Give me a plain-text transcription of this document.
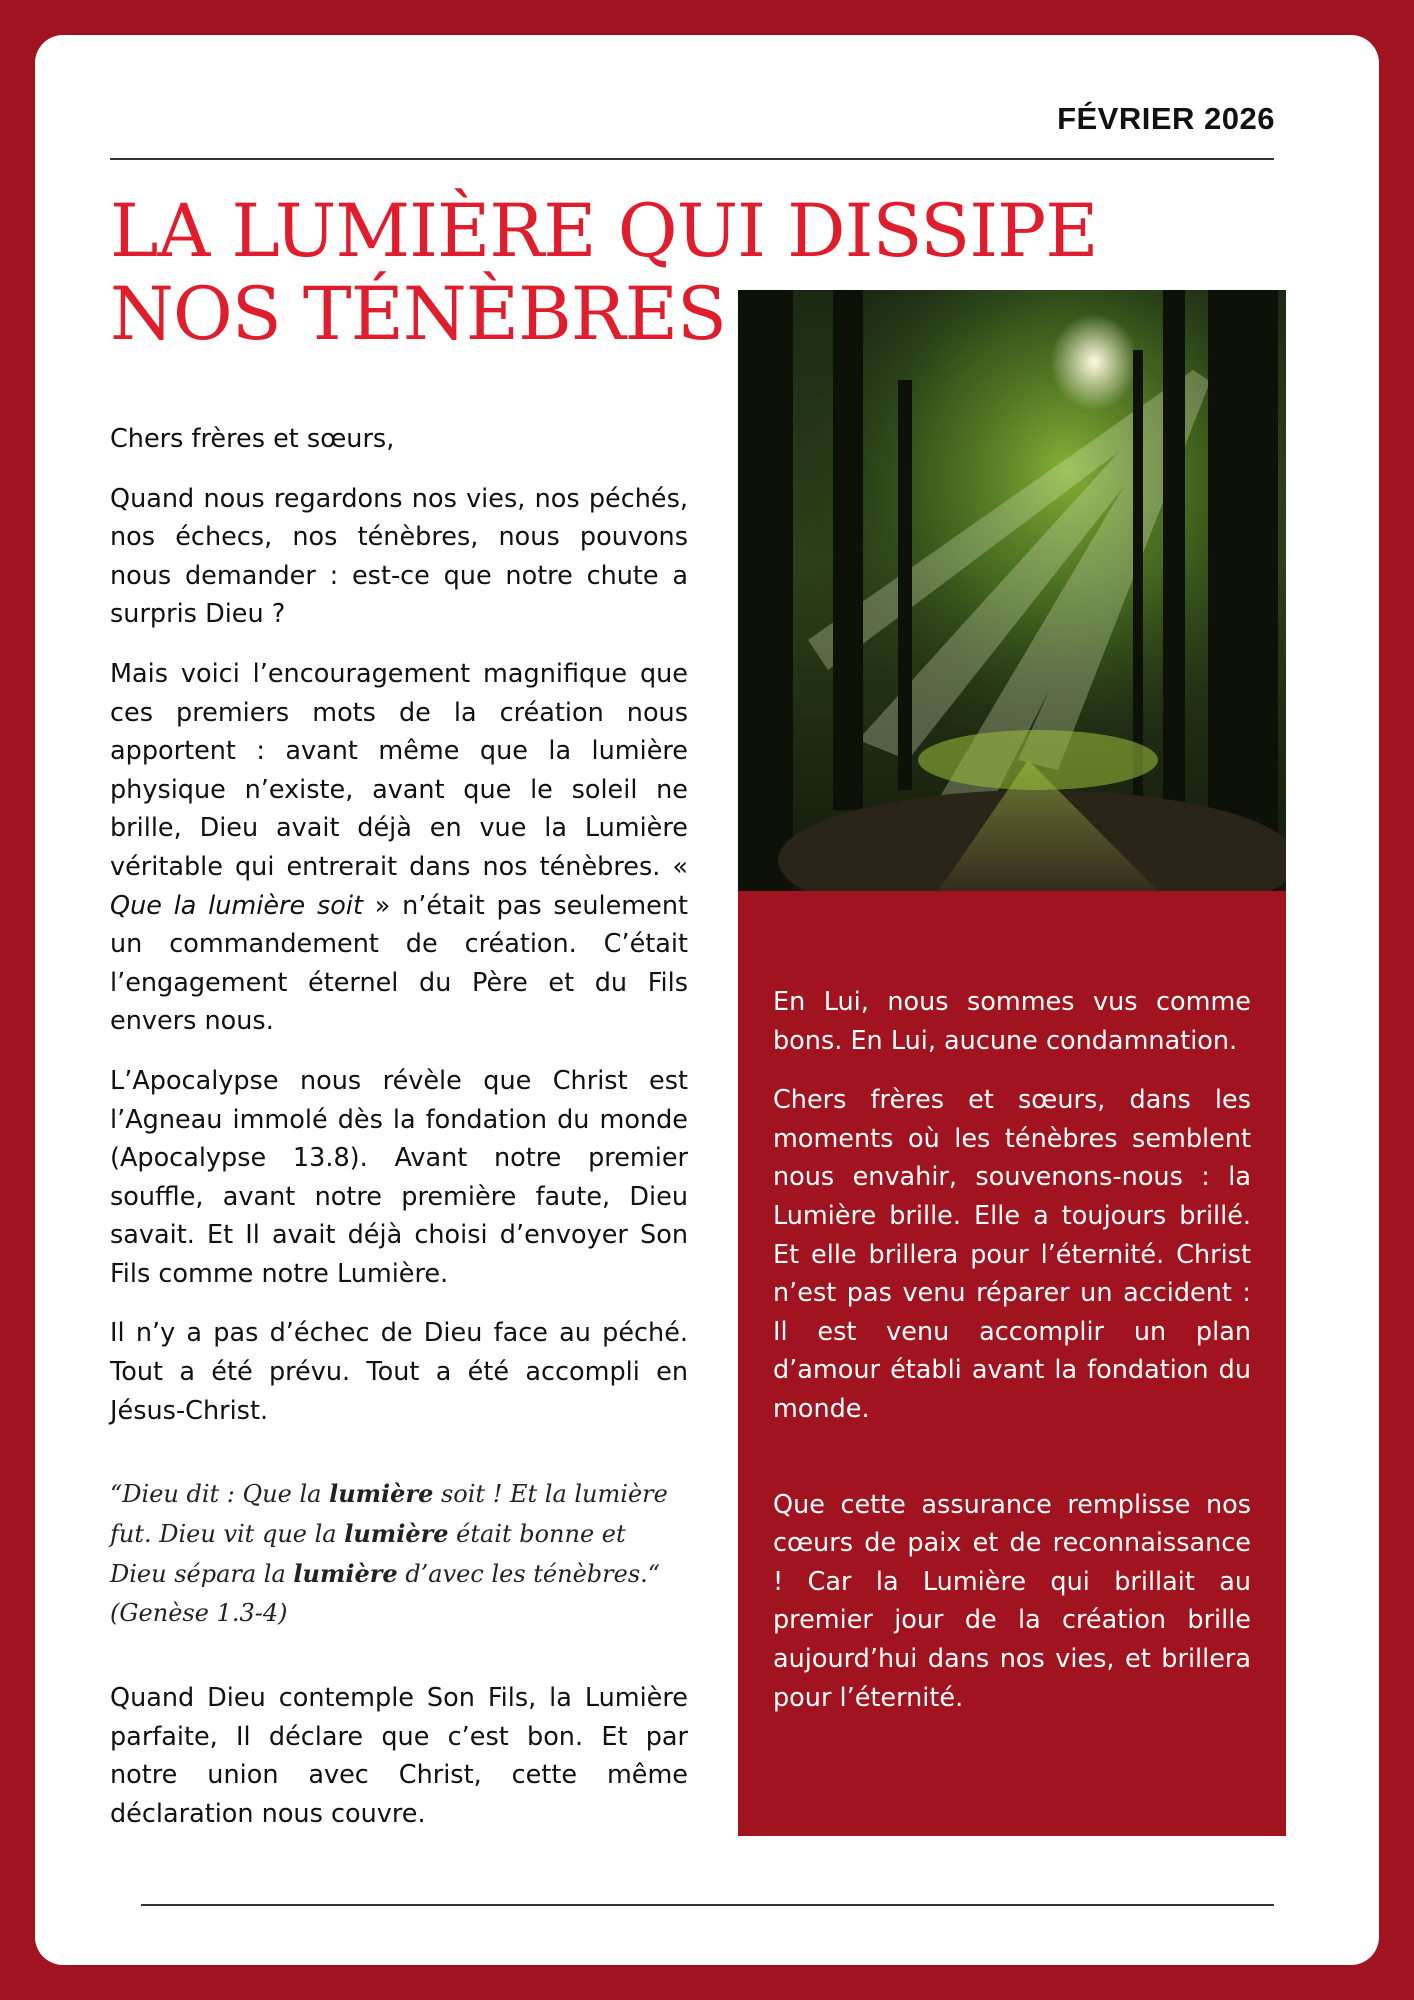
FÉVRIER 2026
LA LUMIÈRE QUI DISSIPE NOS TÉNÈBRES

Chers frères et sœurs,

Quand nous regardons nos vies, nos péchés, nos échecs, nos ténèbres, nous pouvons nous demander : est-ce que notre chute a surpris Dieu ?

Mais voici l’encouragement magnifique que ces premiers mots de la création nous apportent : avant même que la lumière physique n’existe, avant que le soleil ne brille, Dieu avait déjà en vue la Lumière véritable qui entrerait dans nos ténèbres. « Que la lumière soit » n’était pas seulement un commandement de création. C’était l’engagement éternel du Père et du Fils envers nous.

L’Apocalypse nous révèle que Christ est l’Agneau immolé dès la fondation du monde (Apocalypse 13.8). Avant notre premier souffle, avant notre première faute, Dieu savait. Et Il avait déjà choisi d’envoyer Son Fils comme notre Lumière.

Il n’y a pas d’échec de Dieu face au péché. Tout a été prévu. Tout a été accompli en Jésus-Christ.

“Dieu dit : Que la lumière soit ! Et la lumière fut. Dieu vit que la lumière était bonne et Dieu sépara la lumière d’avec les ténèbres.“ (Genèse 1.3-4)

Quand Dieu contemple Son Fils, la Lumière parfaite, Il déclare que c’est bon. Et par notre union avec Christ, cette même déclaration nous couvre.

En Lui, nous sommes vus comme bons. En Lui, aucune condamnation.

Chers frères et sœurs, dans les moments où les ténèbres semblent nous envahir, souvenons-nous : la Lumière brille. Elle a toujours brillé. Et elle brillera pour l’éternité. Christ n’est pas venu réparer un accident : Il est venu accomplir un plan d’amour établi avant la fondation du monde.

Que cette assurance remplisse nos cœurs de paix et de reconnaissance ! Car la Lumière qui brillait au premier jour de la création brille aujourd’hui dans nos vies, et brillera pour l’éternité.
